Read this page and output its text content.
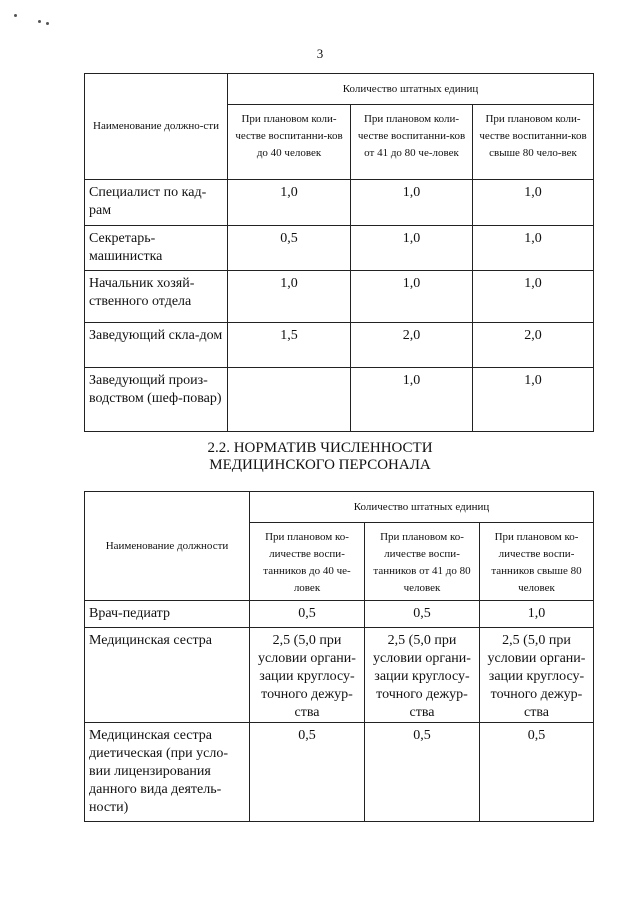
3
Наименование должно-сти	Количество штатных единиц		
	При плановом коли-честве воспитанни-ков до 40 человек	При плановом коли-честве воспитанни-ков от 41 до 80 че-ловек	При плановом коли-честве воспитанни-ков свыше 80 чело-век
Специалист по кад-рам	1,0	1,0	1,0
Секретарь-машинистка	0,5	1,0	1,0
Начальник хозяй-ственного отдела	1,0	1,0	1,0
Заведующий скла-дом	1,5	2,0	2,0
Заведующий произ-водством (шеф-повар)		1,0	1,0
2.2. НОРМАТИВ ЧИСЛЕННОСТИ
МЕДИЦИНСКОГО ПЕРСОНАЛА
Наименование должности	Количество штатных единиц		
	При плановом ко-личестве воспи-танников до 40 че-ловек	При плановом ко-личестве воспи-танников от 41 до 80 человек	При плановом ко-личестве воспи-танников свыше 80 человек
Врач-педиатр	0,5	0,5	1,0
Медицинская сестра	2,5 (5,0 при условии органи-зации круглосу-точного дежур-ства	2,5 (5,0 при условии органи-зации круглосу-точного дежур-ства	2,5 (5,0 при условии органи-зации круглосу-точного дежур-ства
Медицинская сестра диетическая (при усло-вии лицензирования данного вида деятель-ности)	0,5	0,5	0,5
